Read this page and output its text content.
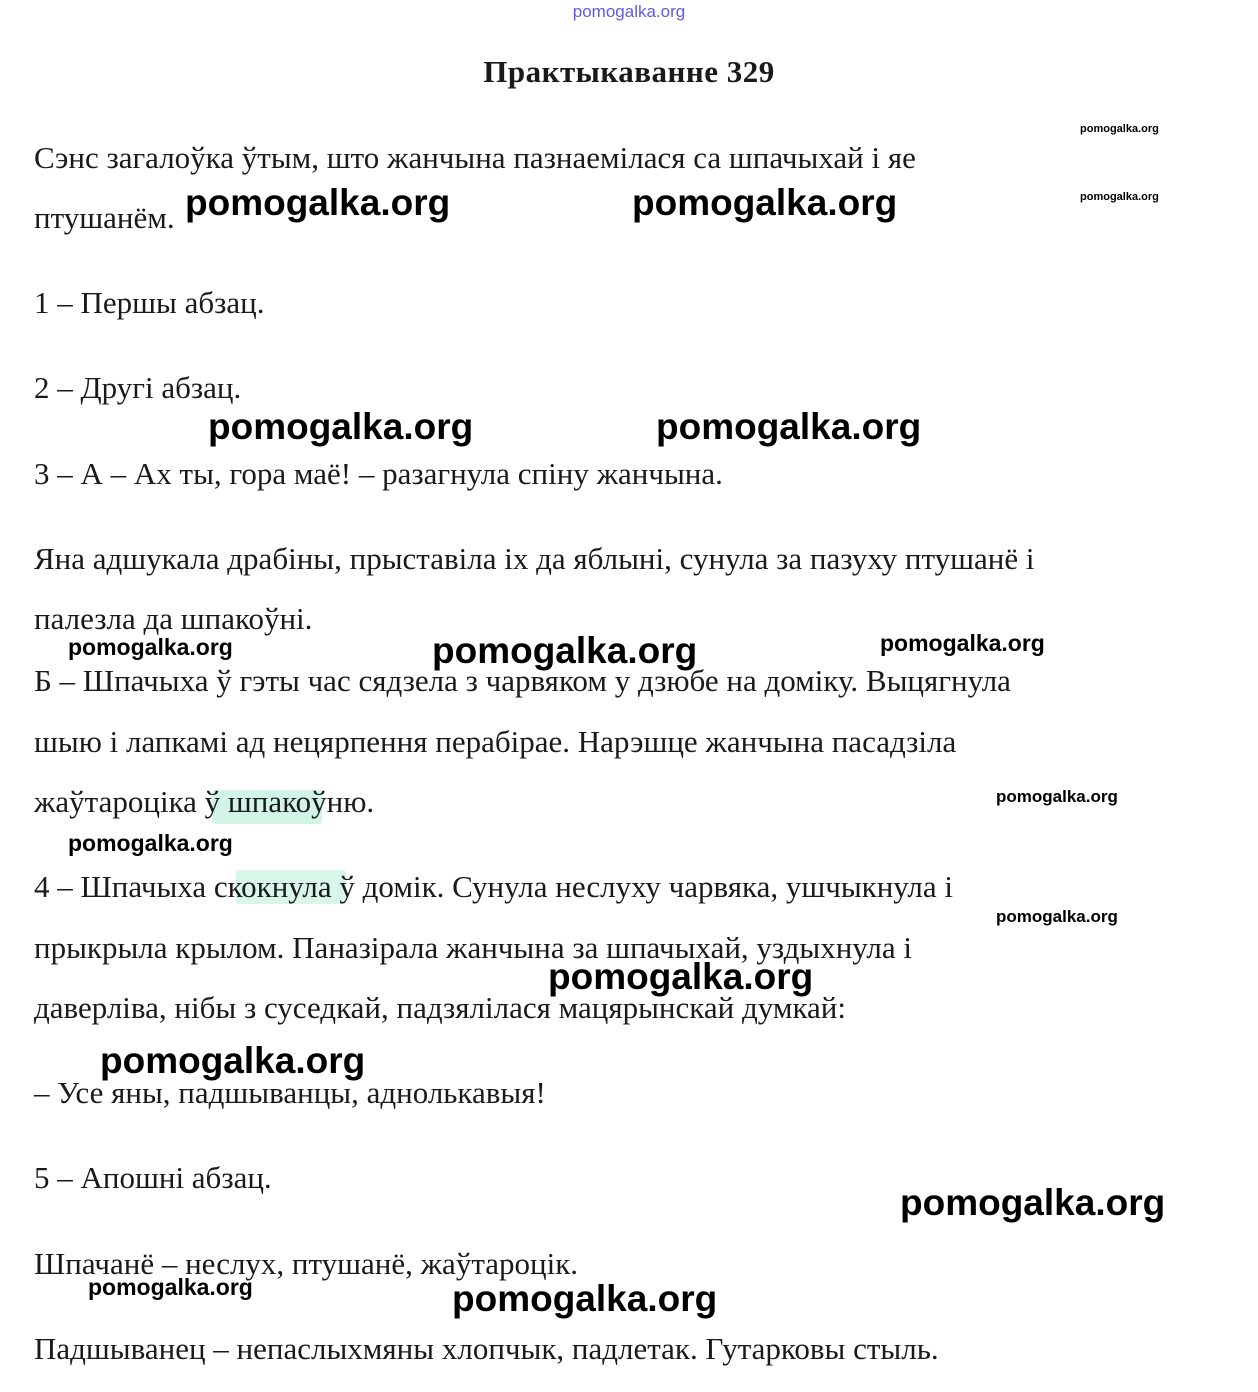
pomogalka.org
Практыкаванне 329
Сэнс загалоўка ўтым, што жанчына пазнаемілася са шпачыхай і яе
птушанём.
1 – Першы абзац.
2 – Другі абзац.
3 – А – Ах ты, гора маё! – разагнула спіну жанчына.
Яна адшукала драбіны, прыставіла іх да яблыні, сунула за пазуху птушанё і
палезла да шпакоўні.
Б – Шпачыха ў гэты час сядзела з чарвяком у дзюбе на доміку. Выцягнула
шыю і лапкамі ад нецярпення перабірае. Нарэшце жанчына пасадзіла
жаўтароціка ў шпакоўню.
4 – Шпачыха скокнула ў домік. Сунула неслуху чарвяка, ушчыкнула і
прыкрыла крылом. Паназірала жанчына за шпачыхай, уздыхнула і
даверліва, нібы з суседкай, падзялілася мацярынскай думкай:
– Усе яны, падшыванцы, аднолькавыя!
5 – Апошні абзац.
Шпачанё – неслух, птушанё, жаўтароцік.
Падшыванец – непаслыхмяны хлопчык, падлетак. Гутарковы стыль.
pomogalka.org
pomogalka.org
pomogalka.org	pomogalka.org
pomogalka.org	pomogalka.org
pomogalka.org	pomogalka.org	pomogalka.org
pomogalka.org
pomogalka.org
pomogalka.org
pomogalka.org
pomogalka.org
pomogalka.org
pomogalka.org	pomogalka.org
